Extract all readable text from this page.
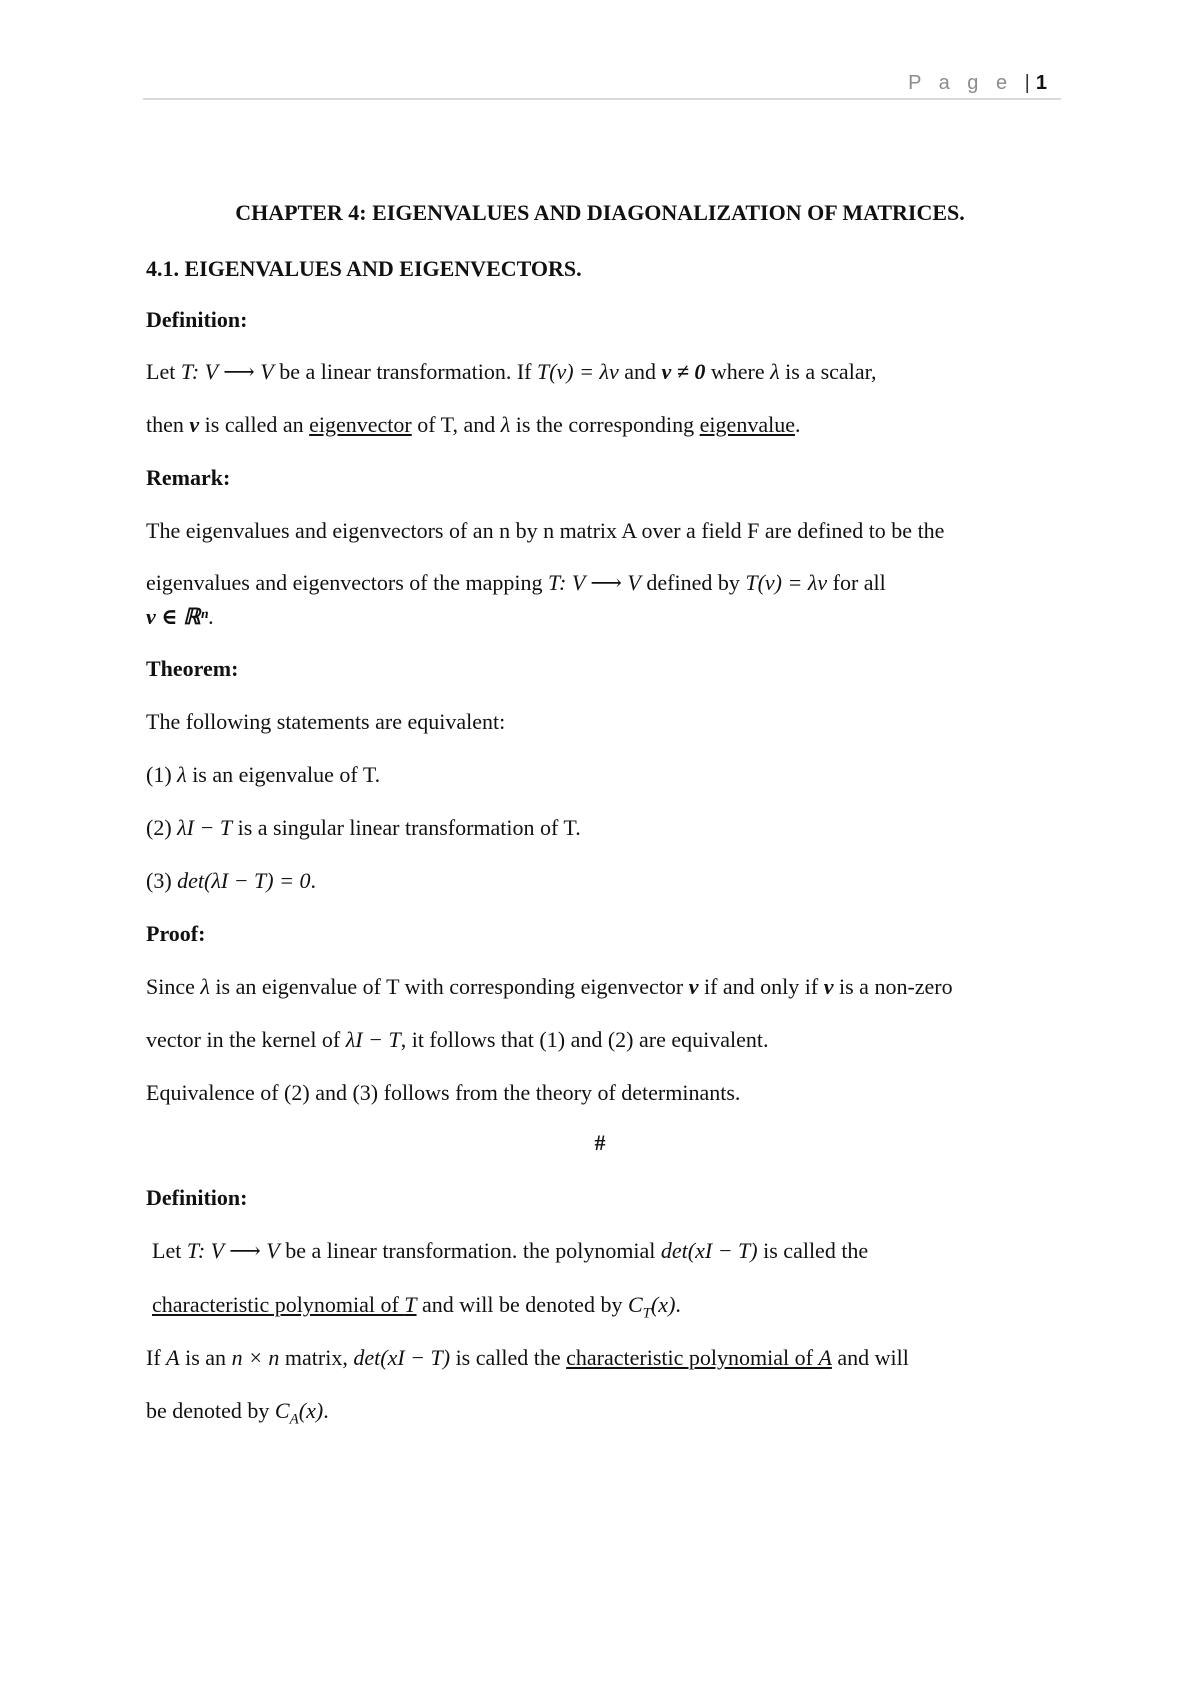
P a g e | 1
CHAPTER 4: EIGENVALUES AND DIAGONALIZATION OF MATRICES.
4.1. EIGENVALUES AND EIGENVECTORS.
Definition:
Let T: V ⟶ V be a linear transformation. If T(v) = λv and v ≠ 0 where λ is a scalar,
then v is called an eigenvector of T, and λ is the corresponding eigenvalue.
Remark:
The eigenvalues and eigenvectors of an n by n matrix A over a field F are defined to be the
eigenvalues and eigenvectors of the mapping T: V ⟶ V defined by T(v) = λv for all
v ∈ ℝⁿ.
Theorem:
The following statements are equivalent:
(1) λ is an eigenvalue of T.
(2) λI − T is a singular linear transformation of T.
(3) det(λI − T) = 0.
Proof:
Since λ is an eigenvalue of T with corresponding eigenvector v if and only if v is a non-zero
vector in the kernel of λI − T, it follows that (1) and (2) are equivalent.
Equivalence of (2) and (3) follows from the theory of determinants.
#
Definition:
Let T: V ⟶ V be a linear transformation. the polynomial det(xI − T) is called the
characteristic polynomial of T and will be denoted by $C_T(x)$.
If A is an n × n matrix, det(xI − T) is called the characteristic polynomial of A and will
be denoted by $C_A(x)$.
